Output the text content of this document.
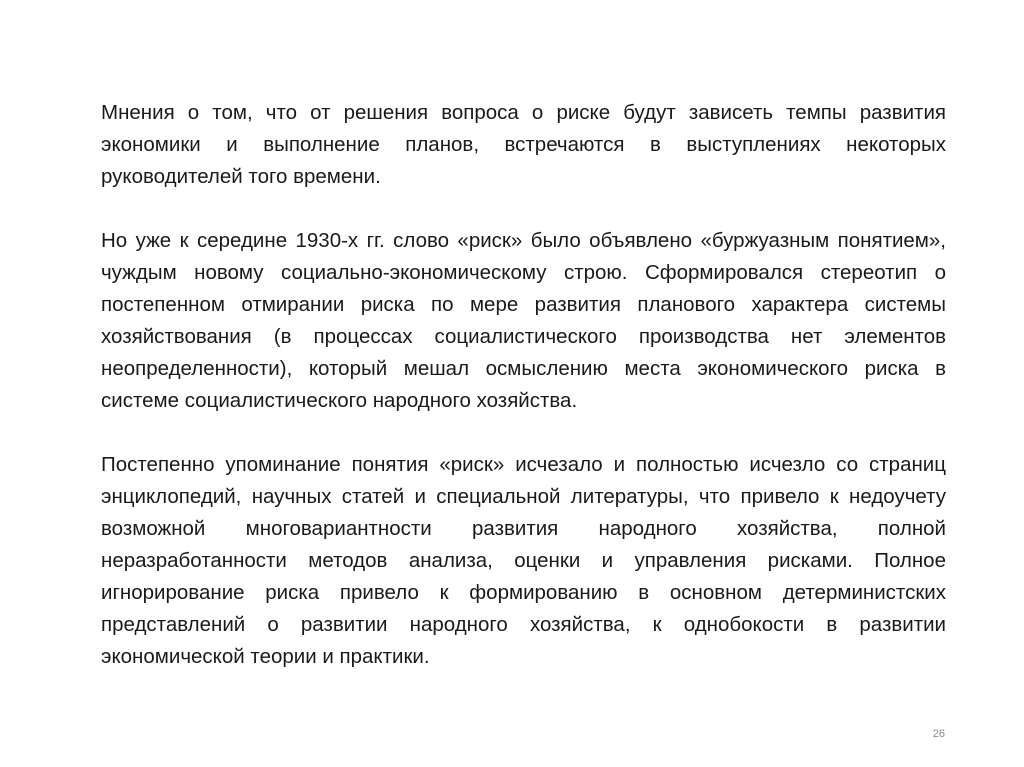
Мнения о том, что от решения вопроса о риске будут зависеть темпы развития экономики и выполнение планов, встречаются в выступлениях некоторых руководителей того времени.

Но уже к середине 1930-х гг. слово «риск» было объявлено «буржуазным понятием», чуждым новому социально-экономическому строю. Сформировался стереотип о постепенном отмирании риска по мере развития планового характера системы хозяйствования (в процессах социалистического производства нет элементов неопределенности), который мешал осмыслению места экономического риска в системе социалистического народного хозяйства.

Постепенно упоминание понятия «риск» исчезало и полностью исчезло со страниц энциклопедий, научных статей и специальной литературы, что привело к недоучету возможной многовариантности развития народного хозяйства, полной неразработанности методов анализа, оценки и управления рисками. Полное игнорирование риска привело к формированию в основном детерминистских представлений о развитии народного хозяйства, к однобокости в развитии экономической теории и практики.

26
